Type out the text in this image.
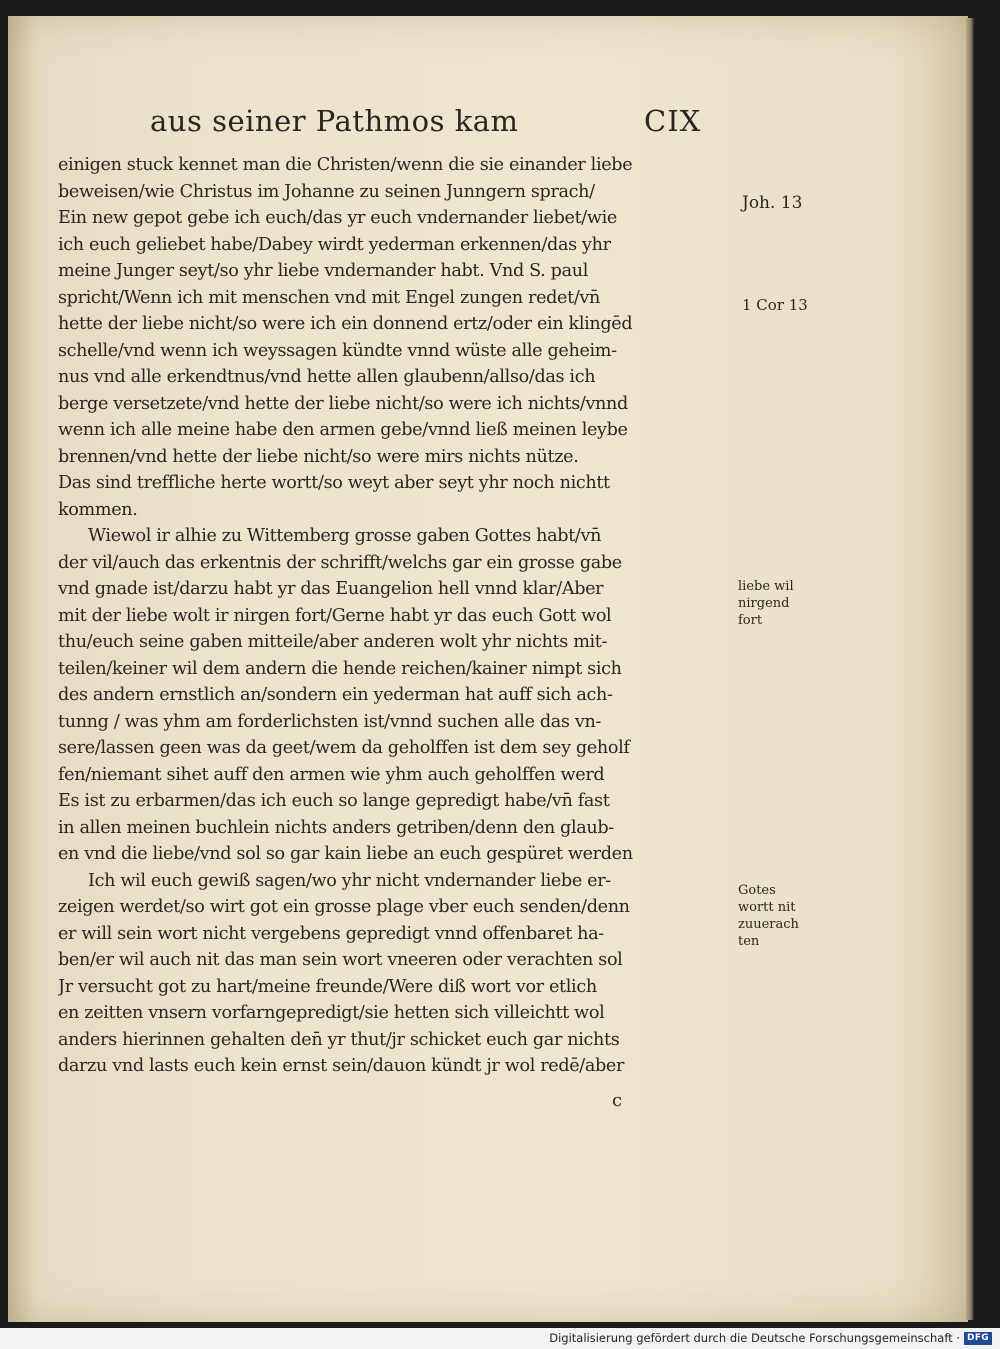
aus seiner Pathmos kam	CIX
einigen stuck kennet man die Christen/wenn die sie einander liebe
beweisen/wie Christus im Johanne zu seinen Junngern sprach/
Ein new gepot gebe ich euch/das yr euch vndernander liebet/wie
ich euch geliebet habe/Dabey wirdt yederman erkennen/das yhr
meine Junger seyt/so yhr liebe vndernander habt. Vnd S. paul
spricht/Wenn ich mit menschen vnd mit Engel zungen redet/vn̄
hette der liebe nicht/so were ich ein donnend ertz/oder ein klingēd
schelle/vnd wenn ich weyssagen kündte vnnd wüste alle geheim-
nus vnd alle erkendtnus/vnd hette allen glaubenn/allso/das ich
berge versetzete/vnd hette der liebe nicht/so were ich nichts/vnnd
wenn ich alle meine habe den armen gebe/vnnd ließ meinen leybe
brennen/vnd hette der liebe nicht/so were mirs nichts nütze.
Das sind treffliche herte wortt/so weyt aber seyt yhr noch nichtt
kommen.
Wiewol ir alhie zu Wittemberg grosse gaben Gottes habt/vn̄
der vil/auch das erkentnis der schrifft/welchs gar ein grosse gabe
vnd gnade ist/darzu habt yr das Euangelion hell vnnd klar/Aber
mit der liebe wolt ir nirgen fort/Gerne habt yr das euch Gott wol
thu/euch seine gaben mitteile/aber anderen wolt yhr nichts mit-
teilen/keiner wil dem andern die hende reichen/kainer nimpt sich
des andern ernstlich an/sondern ein yederman hat auff sich ach-
tunng / was yhm am forderlichsten ist/vnnd suchen alle das vn-
sere/lassen geen was da geet/wem da geholffen ist dem sey geholf
fen/niemant sihet auff den armen wie yhm auch geholffen werd
Es ist zu erbarmen/das ich euch so lange gepredigt habe/vn̄ fast
in allen meinen buchlein nichts anders getriben/denn den glaub-
en vnd die liebe/vnd sol so gar kain liebe an euch gespüret werden
Ich wil euch gewiß sagen/wo yhr nicht vndernander liebe er-
zeigen werdet/so wirt got ein grosse plage vber euch senden/denn
er will sein wort nicht vergebens gepredigt vnnd offenbaret ha-
ben/er wil auch nit das man sein wort vneeren oder verachten sol
Jr versucht got zu hart/meine freunde/Were diß wort vor etlich
en zeitten vnsern vorfarngepredigt/sie hetten sich villeichtt wol
anders hierinnen gehalten den̄ yr thut/jr schicket euch gar nichts
darzu vnd lasts euch kein ernst sein/dauon kündt jr wol redē/aber
c
Joh. 13
1 Cor 13
liebe wil
nirgend
fort
Gotes
wortt nit
zuuerach
ten
Digitalisierung gefördert durch die Deutsche Forschungsgemeinschaft · DFG
